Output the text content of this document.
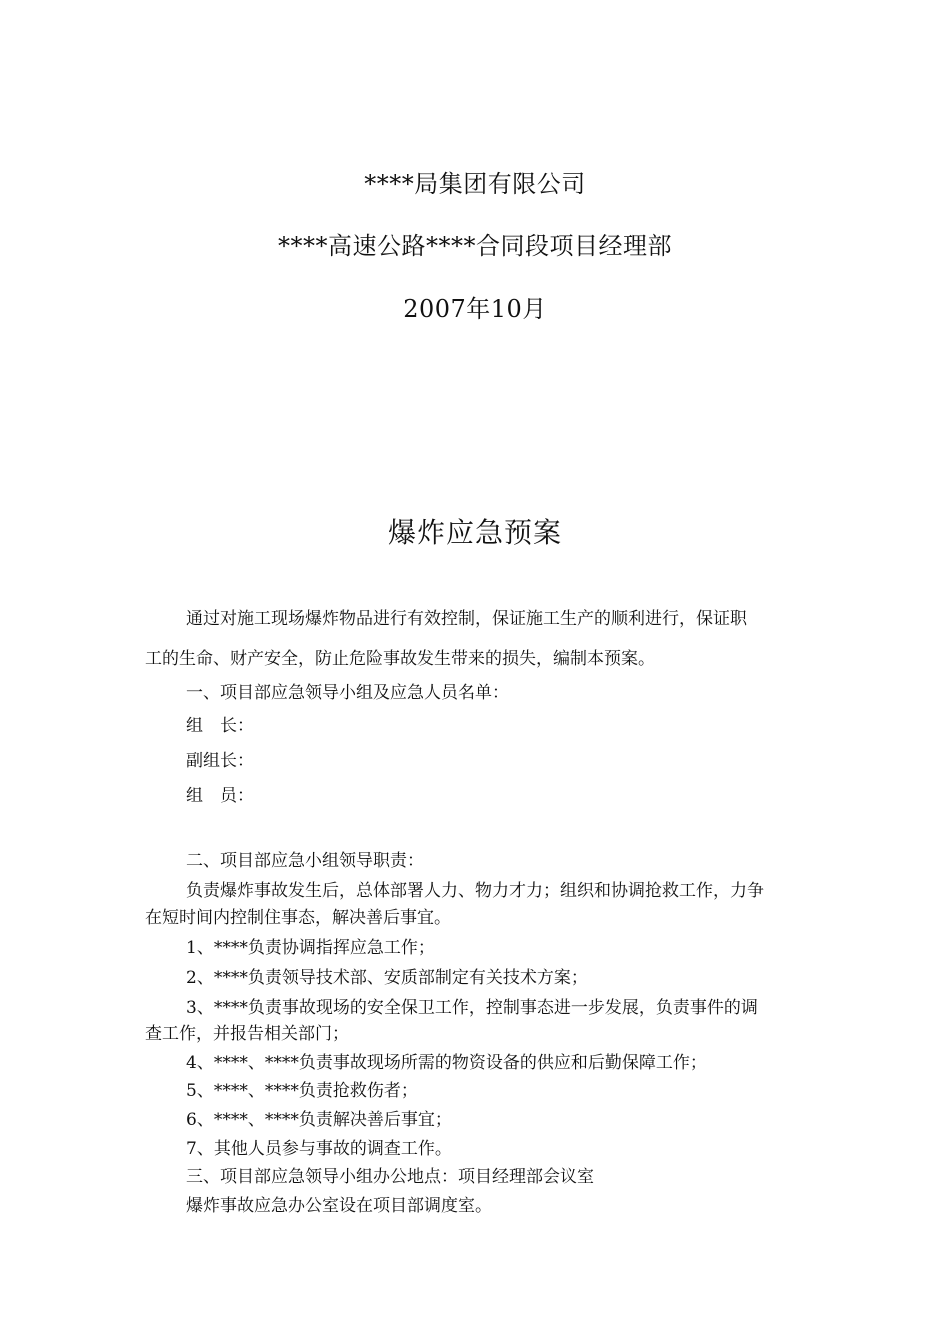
****局集团有限公司
****高速公路****合同段项目经理部
2007年10月
爆炸应急预案
通过对施工现场爆炸物品进行有效控制，保证施工生产的顺利进行，保证职
工的生命、财产安全，防止危险事故发生带来的损失，编制本预案。
一、项目部应急领导小组及应急人员名单：
组　长：
副组长：
组　员：
二、项目部应急小组领导职责：
负责爆炸事故发生后，总体部署人力、物力才力；组织和协调抢救工作，力争
在短时间内控制住事态，解决善后事宜。
1、****负责协调指挥应急工作；
2、****负责领导技术部、安质部制定有关技术方案；
3、****负责事故现场的安全保卫工作，控制事态进一步发展，负责事件的调
查工作，并报告相关部门；
4、****、****负责事故现场所需的物资设备的供应和后勤保障工作；
5、****、****负责抢救伤者；
6、****、****负责解决善后事宜；
7、其他人员参与事故的调查工作。
三、项目部应急领导小组办公地点：项目经理部会议室
爆炸事故应急办公室设在项目部调度室。
